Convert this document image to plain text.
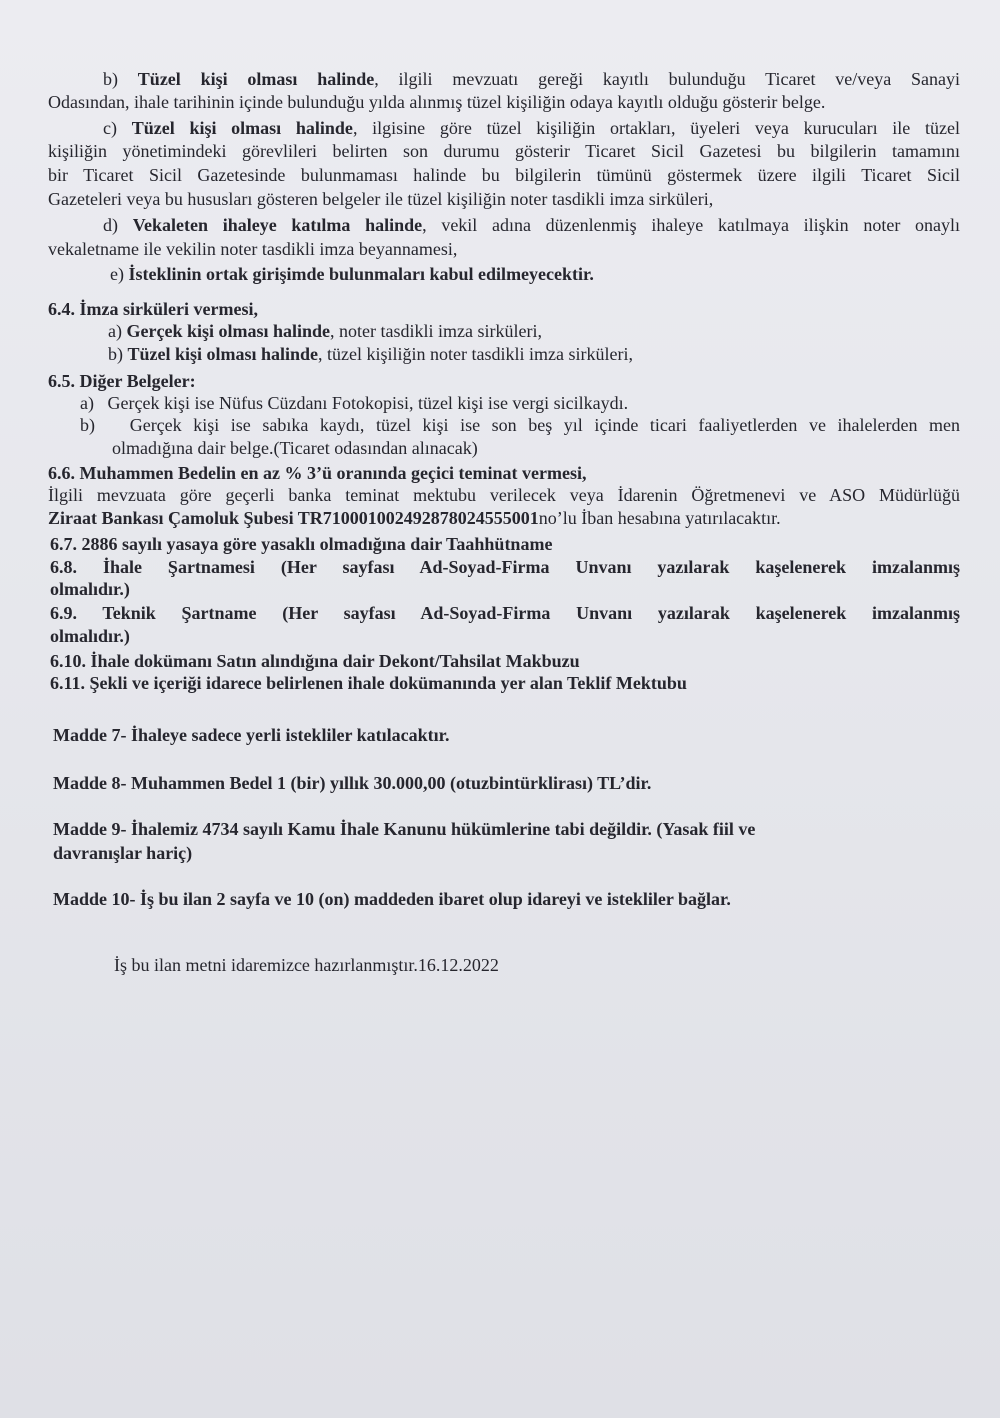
b) Tüzel kişi olması halinde, ilgili mevzuatı gereği kayıtlı bulunduğu Ticaret ve/veya Sanayi
Odasından, ihale tarihinin içinde bulunduğu yılda alınmış tüzel kişiliğin odaya kayıtlı olduğu gösterir belge.
c) Tüzel kişi olması halinde, ilgisine göre tüzel kişiliğin ortakları, üyeleri veya kurucuları ile tüzel
kişiliğin yönetimindeki görevlileri belirten son durumu gösterir Ticaret Sicil Gazetesi bu bilgilerin tamamını
bir Ticaret Sicil Gazetesinde bulunmaması halinde bu bilgilerin tümünü göstermek üzere ilgili Ticaret Sicil
Gazeteleri veya bu hususları gösteren belgeler ile tüzel kişiliğin noter tasdikli imza sirküleri,
d) Vekaleten ihaleye katılma halinde, vekil adına düzenlenmiş ihaleye katılmaya ilişkin noter onaylı
vekaletname ile vekilin noter tasdikli imza beyannamesi,
e) İsteklinin ortak girişimde bulunmaları kabul edilmeyecektir.
6.4. İmza sirküleri vermesi,
a) Gerçek kişi olması halinde, noter tasdikli imza sirküleri,
b) Tüzel kişi olması halinde, tüzel kişiliğin noter tasdikli imza sirküleri,
6.5. Diğer Belgeler:
a) Gerçek kişi ise Nüfus Cüzdanı Fotokopisi, tüzel kişi ise vergi sicilkaydı.
b) Gerçek kişi ise sabıka kaydı, tüzel kişi ise son beş yıl içinde ticari faaliyetlerden ve ihalelerden men
olmadığına dair belge.(Ticaret odasından alınacak)
6.6. Muhammen Bedelin en az % 3’ü oranında geçici teminat vermesi,
İlgili mevzuata göre geçerli banka teminat mektubu verilecek veya İdarenin Öğretmenevi ve ASO Müdürlüğü
Ziraat Bankası Çamoluk Şubesi TR710001002492878024555001no’lu İban hesabına yatırılacaktır.
6.7. 2886 sayılı yasaya göre yasaklı olmadığına dair Taahhütname
6.8. İhale Şartnamesi (Her sayfası Ad-Soyad-Firma Unvanı yazılarak kaşelenerek imzalanmış
olmalıdır.)
6.9. Teknik Şartname (Her sayfası Ad-Soyad-Firma Unvanı yazılarak kaşelenerek imzalanmış
olmalıdır.)
6.10. İhale dokümanı Satın alındığına dair Dekont/Tahsilat Makbuzu
6.11. Şekli ve içeriği idarece belirlenen ihale dokümanında yer alan Teklif Mektubu
Madde 7- İhaleye sadece yerli istekliler katılacaktır.
Madde 8- Muhammen Bedel 1 (bir) yıllık 30.000,00 (otuzbintürklirası) TL’dir.
Madde 9- İhalemiz 4734 sayılı Kamu İhale Kanunu hükümlerine tabi değildir. (Yasak fiil ve
davranışlar hariç)
Madde 10- İş bu ilan 2 sayfa ve 10 (on) maddeden ibaret olup idareyi ve istekliler bağlar.
İş bu ilan metni idaremizce hazırlanmıştır.16.12.2022
